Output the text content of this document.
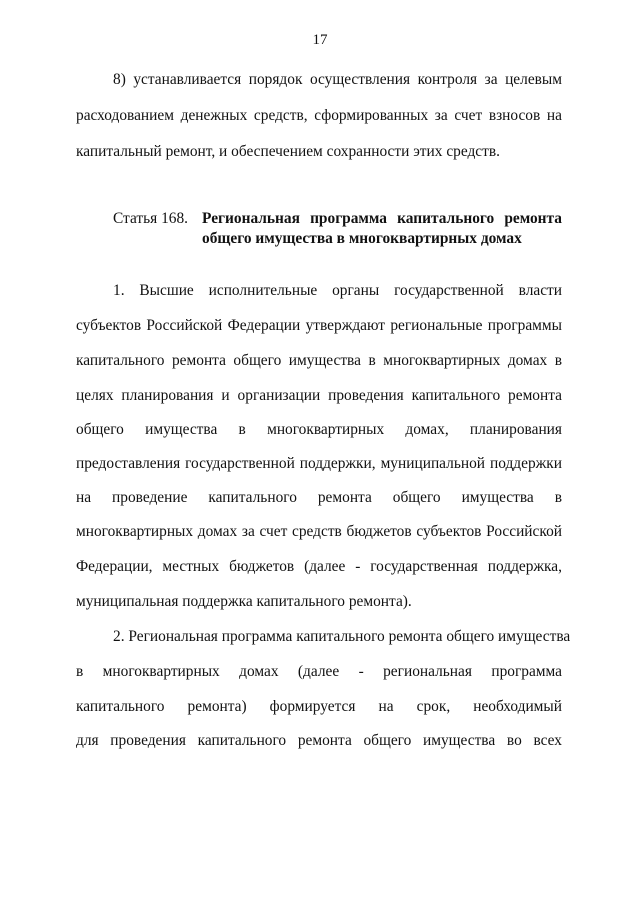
17
8) устанавливается порядок осуществления контроля за целевым
расходованием денежных средств, сформированных за счет взносов на
капитальный ремонт, и обеспечением сохранности этих средств.
Статья 168. Региональная программа капитального ремонта
общего имущества в многоквартирных домах
1. Высшие исполнительные органы государственной власти
субъектов Российской Федерации утверждают региональные программы
капитального ремонта общего имущества в многоквартирных домах в
целях планирования и организации проведения капитального ремонта
общего имущества в многоквартирных домах, планирования
предоставления государственной поддержки, муниципальной поддержки
на проведение капитального ремонта общего имущества в
многоквартирных домах за счет средств бюджетов субъектов Российской
Федерации, местных бюджетов (далее - государственная поддержка,
муниципальная поддержка капитального ремонта).
2. Региональная программа капитального ремонта общего имущества
в многоквартирных домах (далее - региональная программа
капитального ремонта) формируется на срок, необходимый
для проведения капитального ремонта общего имущества во всех
